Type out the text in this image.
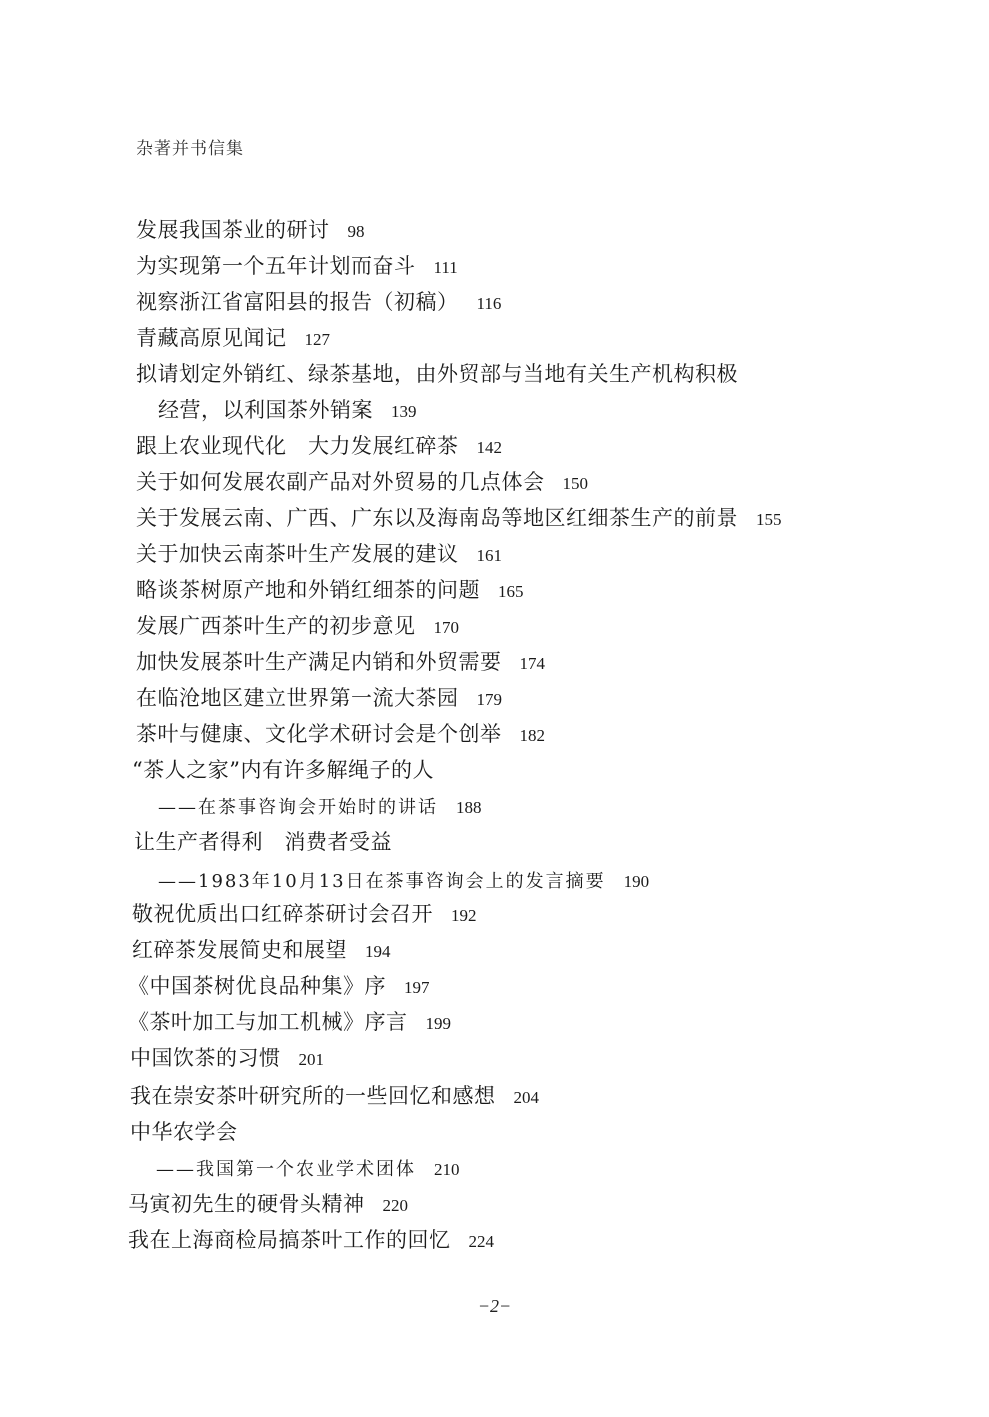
杂著并书信集
发展我国茶业的研讨 98
为实现第一个五年计划而奋斗 111
视察浙江省富阳县的报告（初稿） 116
青藏高原见闻记 127
拟请划定外销红、绿茶基地，由外贸部与当地有关生产机构积极
经营，以利国茶外销案 139
跟上农业现代化　大力发展红碎茶 142
关于如何发展农副产品对外贸易的几点体会 150
关于发展云南、广西、广东以及海南岛等地区红细茶生产的前景 155
关于加快云南茶叶生产发展的建议 161
略谈茶树原产地和外销红细茶的问题 165
发展广西茶叶生产的初步意见 170
加快发展茶叶生产满足内销和外贸需要 174
在临沧地区建立世界第一流大茶园 179
茶叶与健康、文化学术研讨会是个创举 182
“茶人之家”内有许多解绳子的人
——在茶事咨询会开始时的讲话 188
让生产者得利　消费者受益
——1983年10月13日在茶事咨询会上的发言摘要 190
敬祝优质出口红碎茶研讨会召开 192
红碎茶发展简史和展望 194
《中国茶树优良品种集》序 197
《茶叶加工与加工机械》序言 199
中国饮茶的习惯 201
我在崇安茶叶研究所的一些回忆和感想 204
中华农学会
——我国第一个农业学术团体 210
马寅初先生的硬骨头精神 220
我在上海商检局搞茶叶工作的回忆 224
−2−
